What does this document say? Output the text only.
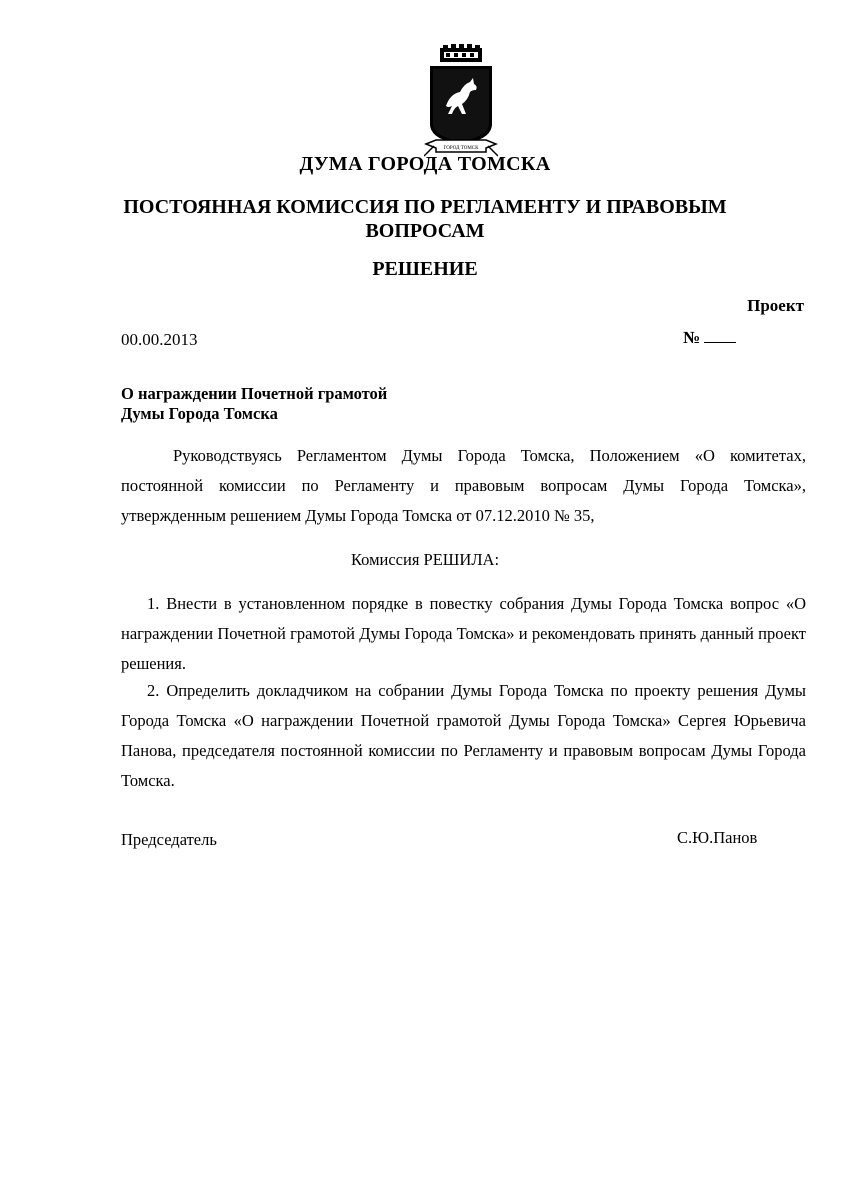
ГОРОД ТОМСК
ДУМА ГОРОДА ТОМСКА
ПОСТОЯННАЯ КОМИССИЯ ПО РЕГЛАМЕНТУ И ПРАВОВЫМ
ВОПРОСАМ
РЕШЕНИЕ
Проект
00.00.2013	№
О награждении Почетной грамотой
Думы Города Томска
Руководствуясь Регламентом Думы Города Томска, Положением «О комитетах, постоянной комиссии по Регламенту и правовым вопросам Думы Города Томска», утвержденным решением Думы Города Томска от 07.12.2010 № 35,
Комиссия РЕШИЛА:
1. Внести в установленном порядке в повестку собрания Думы Города Томска вопрос «О награждении Почетной грамотой Думы Города Томска» и рекомендовать принять данный проект решения.
2. Определить докладчиком на собрании Думы Города Томска по проекту решения Думы Города Томска «О награждении Почетной грамотой Думы Города Томска» Сергея Юрьевича Панова, председателя постоянной комиссии по Регламенту и правовым вопросам Думы Города Томска.
Председатель	С.Ю.Панов
